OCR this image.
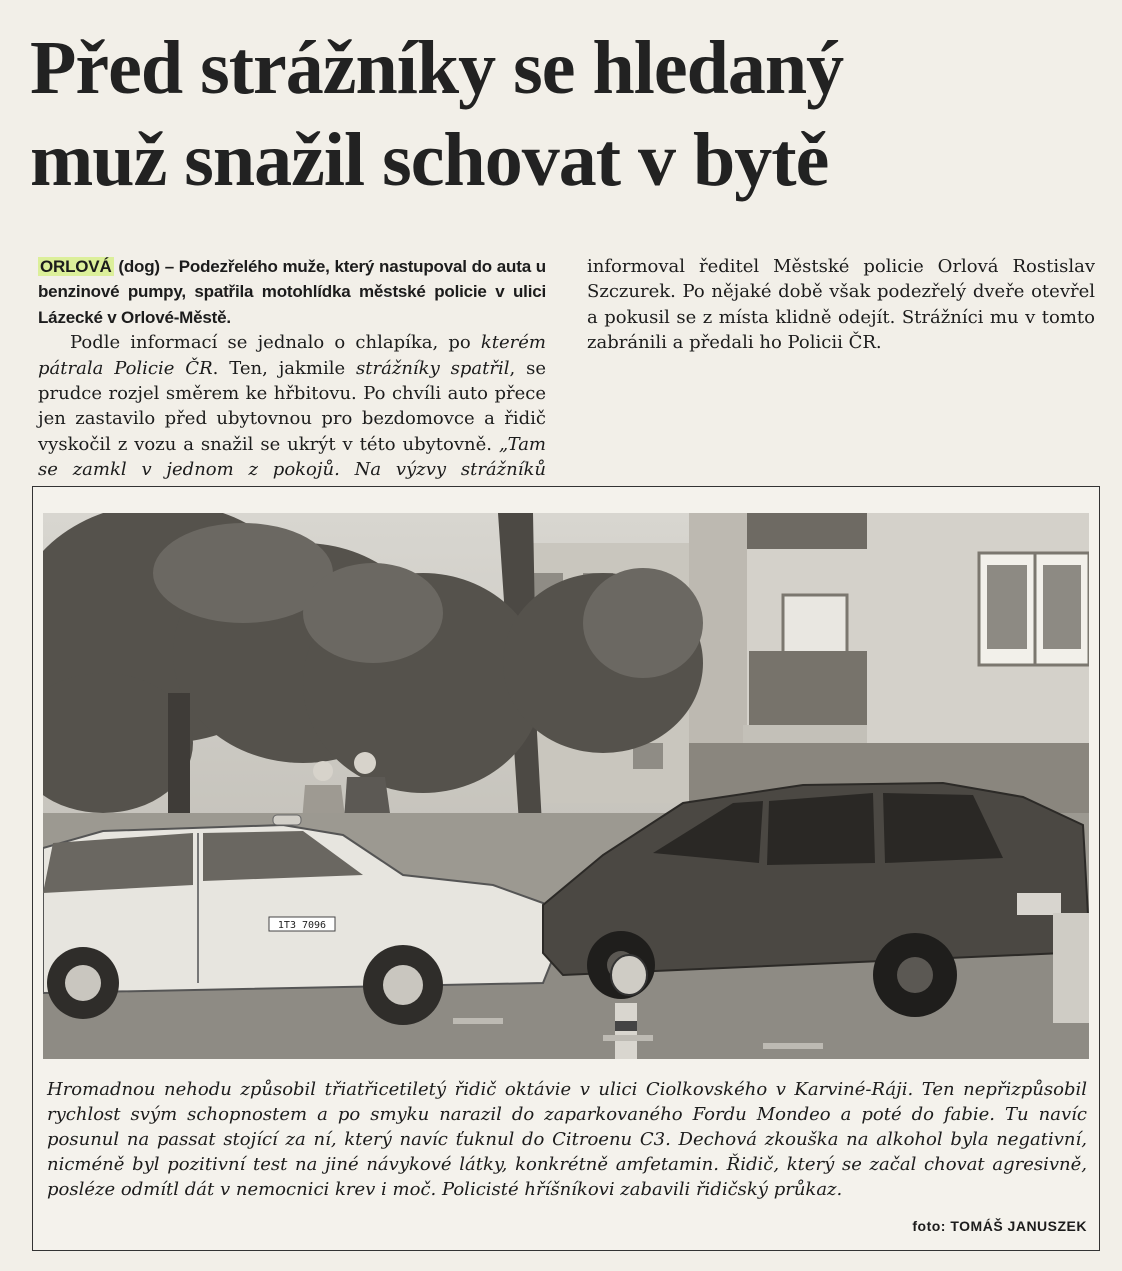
Před strážníky se hledaný
muž snažil schovat v bytě
ORLOVÁ (dog) – Podezřelého muže, který nastupoval do auta u benzinové pumpy, spatřila motohlídka městské policie v ulici Lázecké v Orlové-Městě.
Podle informací se jednalo o chlapíka, po kterém pátrala Policie ČR. Ten, jakmile strážníky spatřil, se prudce rozjel směrem ke hřbitovu. Po chvíli auto přece jen zastavilo před ubytovnou pro bezdomovce a řidič vyskočil z vozu a snažil se ukrýt v této ubytovně. „Tam se zamkl v jednom z pokojů. Na výzvy strážníků
informoval ředitel Městské policie Orlová Rostislav Szczurek. Po nějaké době však podezřelý dveře otevřel a pokusil se z místa klidně odejít. Strážníci mu v tomto zabránili a předali ho Policii ČR.
1T3 7096
Hromadnou nehodu způsobil třiatřicetiletý řidič oktávie v ulici Ciolkovského v Karviné-Ráji. Ten nepřizpůsobil rychlost svým schopnostem a po smyku narazil do zaparkovaného Fordu Mondeo a poté do fabie. Tu navíc posunul na passat stojící za ní, který navíc ťuknul do Citroenu C3. Dechová zkouška na alkohol byla negativní, nicméně byl pozitivní test na jiné návykové látky, konkrétně amfetamin. Řidič, který se začal chovat agresivně, posléze odmítl dát v nemocnici krev i moč. Policisté hříšníkovi zabavili řidičský průkaz.
foto: TOMÁŠ JANUSZEK
